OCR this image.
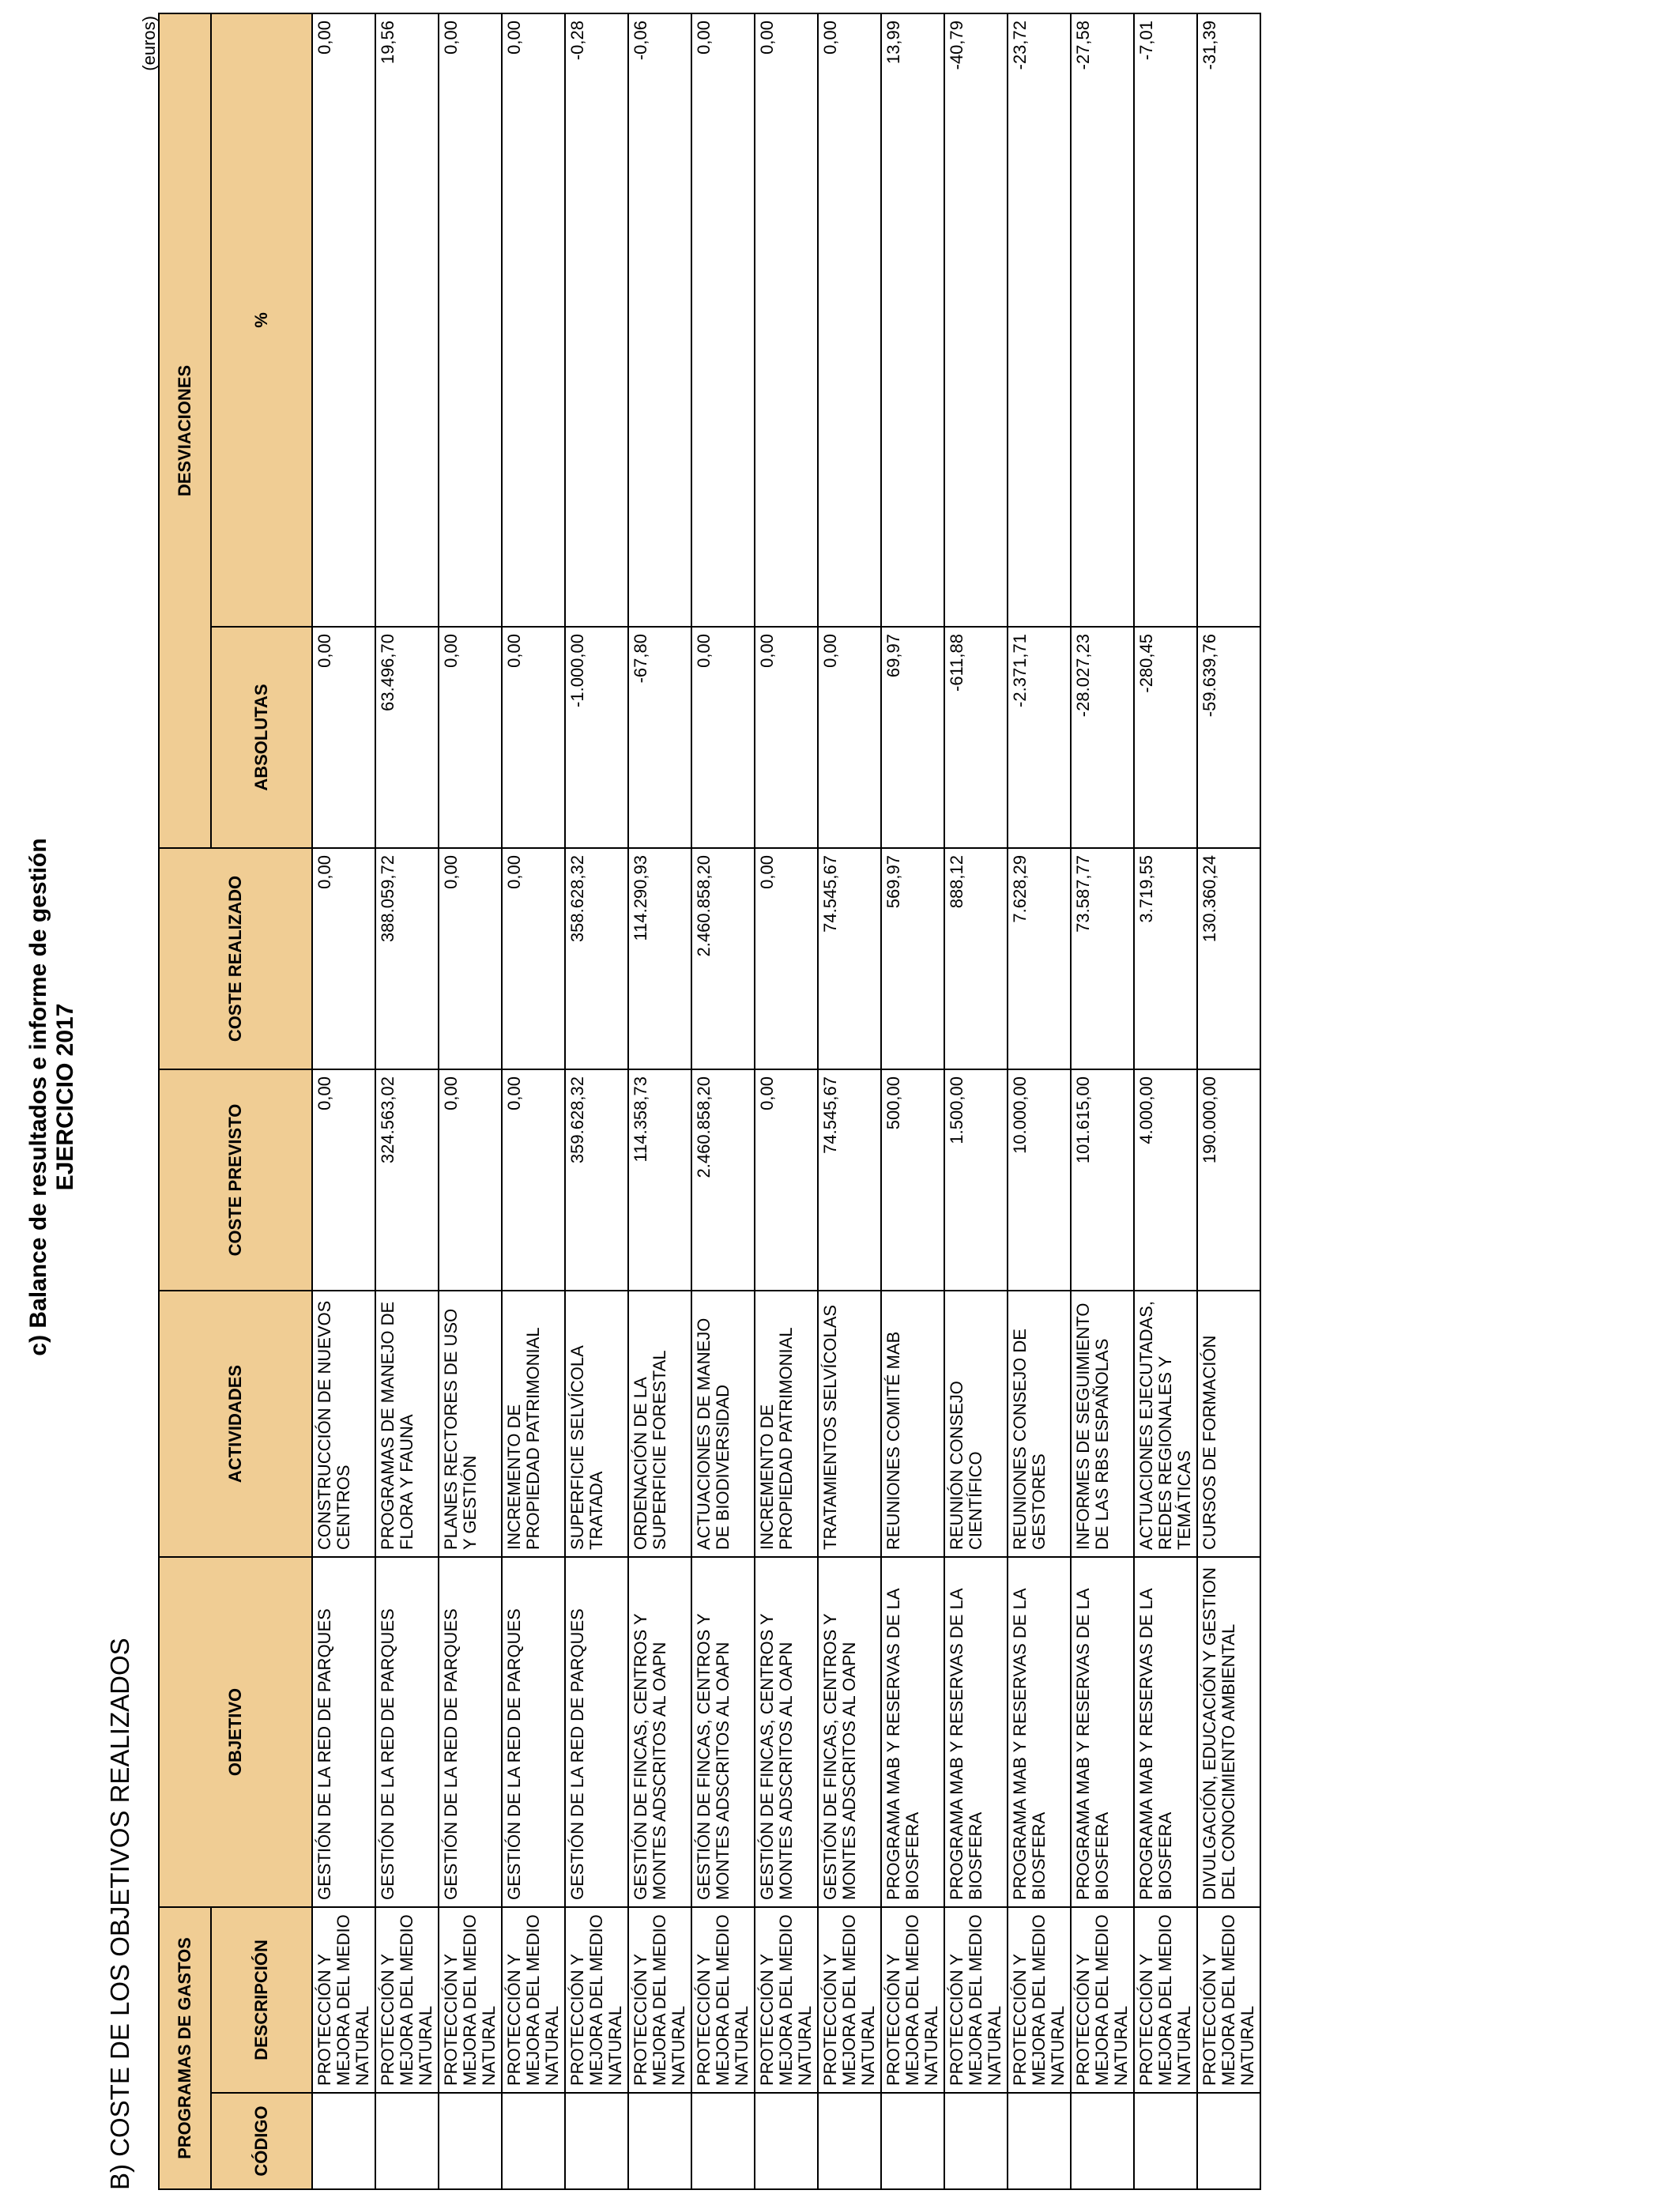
c) Balance de resultados e informe de gestión EJERCICIO 2017
B) COSTE DE LOS OBJETIVOS REALIZADOS
(euros)
PROGRAMAS DE GASTOS		OBJETIVO	ACTIVIDADES	COSTE PREVISTO	COSTE REALIZADO	DESVIACIONES	
CÓDIGO	DESCRIPCIÓN					ABSOLUTAS	%
	PROTECCIÓN Y MEJORA DEL MEDIO NATURAL	GESTIÓN DE LA RED DE PARQUES	CONSTRUCCIÓN DE NUEVOS CENTROS	0,00	0,00	0,00	0,00
	PROTECCIÓN Y MEJORA DEL MEDIO NATURAL	GESTIÓN DE LA RED DE PARQUES	PROGRAMAS DE MANEJO DE FLORA Y FAUNA	324.563,02	388.059,72	63.496,70	19,56
	PROTECCIÓN Y MEJORA DEL MEDIO NATURAL	GESTIÓN DE LA RED DE PARQUES	PLANES RECTORES DE USO Y GESTIÓN	0,00	0,00	0,00	0,00
	PROTECCIÓN Y MEJORA DEL MEDIO NATURAL	GESTIÓN DE LA RED DE PARQUES	INCREMENTO DE PROPIEDAD PATRIMONIAL	0,00	0,00	0,00	0,00
	PROTECCIÓN Y MEJORA DEL MEDIO NATURAL	GESTIÓN DE LA RED DE PARQUES	SUPERFICIE SELVÍCOLA TRATADA	359.628,32	358.628,32	-1.000,00	-0,28
	PROTECCIÓN Y MEJORA DEL MEDIO NATURAL	GESTIÓN DE FINCAS, CENTROS Y MONTES ADSCRITOS AL OAPN	ORDENACIÓN DE LA SUPERFICIE FORESTAL	114.358,73	114.290,93	-67,80	-0,06
	PROTECCIÓN Y MEJORA DEL MEDIO NATURAL	GESTIÓN DE FINCAS, CENTROS Y MONTES ADSCRITOS AL OAPN	ACTUACIONES DE MANEJO DE BIODIVERSIDAD	2.460.858,20	2.460.858,20	0,00	0,00
	PROTECCIÓN Y MEJORA DEL MEDIO NATURAL	GESTIÓN DE FINCAS, CENTROS Y MONTES ADSCRITOS AL OAPN	INCREMENTO DE PROPIEDAD PATRIMONIAL	0,00	0,00	0,00	0,00
	PROTECCIÓN Y MEJORA DEL MEDIO NATURAL	GESTIÓN DE FINCAS, CENTROS Y MONTES ADSCRITOS AL OAPN	TRATAMIENTOS SELVÍCOLAS	74.545,67	74.545,67	0,00	0,00
	PROTECCIÓN Y MEJORA DEL MEDIO NATURAL	PROGRAMA MAB Y RESERVAS DE LA BIOSFERA	REUNIONES COMITÉ MAB	500,00	569,97	69,97	13,99
	PROTECCIÓN Y MEJORA DEL MEDIO NATURAL	PROGRAMA MAB Y RESERVAS DE LA BIOSFERA	REUNIÓN CONSEJO CIENTÍFICO	1.500,00	888,12	-611,88	-40,79
	PROTECCIÓN Y MEJORA DEL MEDIO NATURAL	PROGRAMA MAB Y RESERVAS DE LA BIOSFERA	REUNIONES CONSEJO DE GESTORES	10.000,00	7.628,29	-2.371,71	-23,72
	PROTECCIÓN Y MEJORA DEL MEDIO NATURAL	PROGRAMA MAB Y RESERVAS DE LA BIOSFERA	INFORMES DE SEGUIMIENTO DE LAS RBS ESPAÑOLAS	101.615,00	73.587,77	-28.027,23	-27,58
	PROTECCIÓN Y MEJORA DEL MEDIO NATURAL	PROGRAMA MAB Y RESERVAS DE LA BIOSFERA	ACTUACIONES EJECUTADAS, REDES REGIONALES Y TEMÁTICAS	4.000,00	3.719,55	-280,45	-7,01
	PROTECCIÓN Y MEJORA DEL MEDIO NATURAL	DIVULGACIÓN, EDUCACIÓN Y GESTION DEL CONOCIMIENTO AMBIENTAL	CURSOS DE FORMACIÓN	190.000,00	130.360,24	-59.639,76	-31,39
